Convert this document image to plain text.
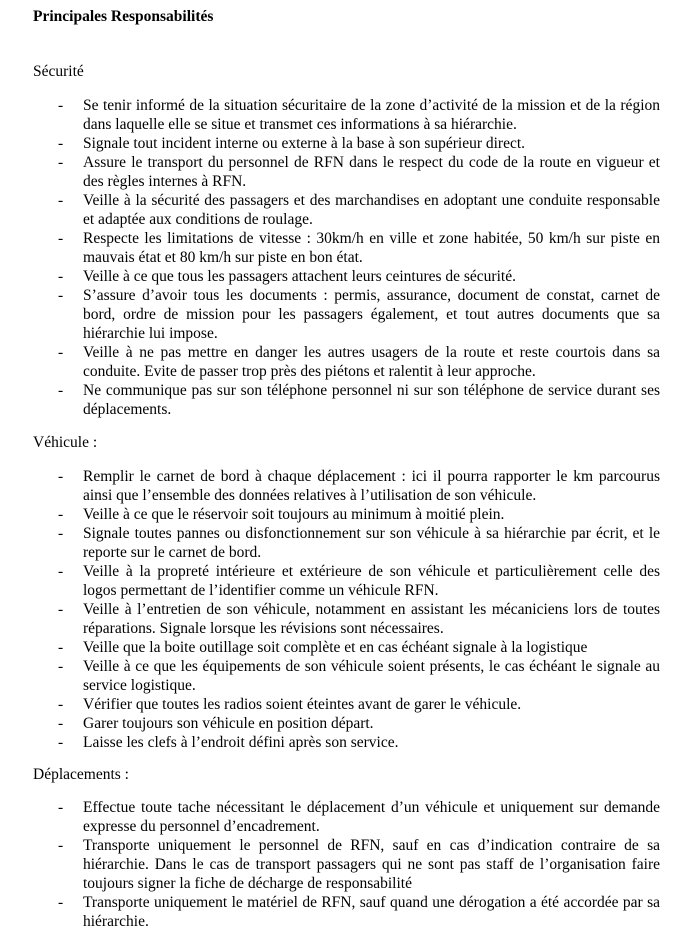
Principales Responsabilités
Sécurité
- Se tenir informé de la situation sécuritaire de la zone d’activité de la mission et de la région dans laquelle elle se situe et transmet ces informations à sa hiérarchie.
- Signale tout incident interne ou externe à la base à son supérieur direct.
- Assure le transport du personnel de RFN dans le respect du code de la route en vigueur et des règles internes à RFN.
- Veille à la sécurité des passagers et des marchandises en adoptant une conduite responsable et adaptée aux conditions de roulage.
- Respecte les limitations de vitesse : 30km/h en ville et zone habitée, 50 km/h sur piste en mauvais état et 80 km/h sur piste en bon état.
- Veille à ce que tous les passagers attachent leurs ceintures de sécurité.
- S’assure d’avoir tous les documents : permis, assurance, document de constat, carnet de bord, ordre de mission pour les passagers également, et tout autres documents que sa hiérarchie lui impose.
- Veille à ne pas mettre en danger les autres usagers de la route et reste courtois dans sa conduite. Evite de passer trop près des piétons et ralentit à leur approche.
- Ne communique pas sur son téléphone personnel ni sur son téléphone de service durant ses déplacements.
Véhicule :
- Remplir le carnet de bord à chaque déplacement : ici il pourra rapporter le km parcourus ainsi que l’ensemble des données relatives à l’utilisation de son véhicule.
- Veille à ce que le réservoir soit toujours au minimum à moitié plein.
- Signale toutes pannes ou disfonctionnement sur son véhicule à sa hiérarchie par écrit, et le reporte sur le carnet de bord.
- Veille à la propreté intérieure et extérieure de son véhicule et particulièrement celle des logos permettant de l’identifier comme un véhicule RFN.
- Veille à l’entretien de son véhicule, notamment en assistant les mécaniciens lors de toutes réparations. Signale lorsque les révisions sont nécessaires.
- Veille que la boite outillage soit complète et en cas échéant signale à la logistique
- Veille à ce que les équipements de son véhicule soient présents, le cas échéant le signale au service logistique.
- Vérifier que toutes les radios soient éteintes avant de garer le véhicule.
- Garer toujours son véhicule en position départ.
- Laisse les clefs à l’endroit défini après son service.
Déplacements :
- Effectue toute tache nécessitant le déplacement d’un véhicule et uniquement sur demande expresse du personnel d’encadrement.
- Transporte uniquement le personnel de RFN, sauf en cas d’indication contraire de sa hiérarchie. Dans le cas de transport passagers qui ne sont pas staff de l’organisation faire toujours signer la fiche de décharge de responsabilité
- Transporte uniquement le matériel de RFN, sauf quand une dérogation a été accordée par sa hiérarchie.
